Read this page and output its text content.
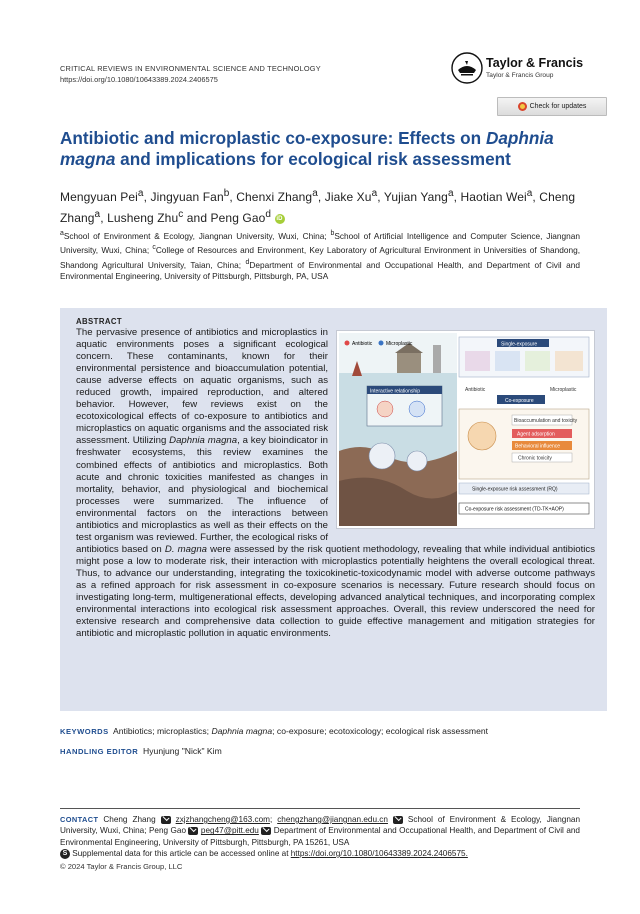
CRITICAL REVIEWS IN ENVIRONMENTAL SCIENCE AND TECHNOLOGY
https://doi.org/10.1080/10643389.2024.2406575
Taylor & Francis
Taylor & Francis Group
Check for updates
Antibiotic and microplastic co-exposure: Effects on Daphnia magna and implications for ecological risk assessment
Mengyuan Pei$^a$, Jingyuan Fan$^b$, Chenxi Zhang$^a$, Jiake Xu$^a$, Yujian Yang$^a$, Haotian Wei$^a$, Cheng Zhang$^a$, Lusheng Zhu$^c$ and Peng Gao$^d$ iD
$^a$School of Environment & Ecology, Jiangnan University, Wuxi, China; $^b$School of Artificial Intelligence and Computer Science, Jiangnan University, Wuxi, China; $^c$College of Resources and Environment, Key Laboratory of Agricultural Environment in Universities of Shandong, Shandong Agricultural University, Taian, China; $^d$Department of Environmental and Occupational Health, and Department of Civil and Environmental Engineering, University of Pittsburgh, Pittsburgh, PA, USA
ABSTRACT
Antibiotic	Microplastic
Interactive relationship
Single-exposure
Antibiotic	Microplastic
Co-exposure
Bioaccumulation and toxicity
Agent adsorption
Behavioral influence
Chronic toxicity
Single-exposure risk assessment (RQ)
Co-exposure risk assessment (TD-TK+AOP)

The pervasive presence of antibiotics and microplastics in aquatic environments poses a significant ecological concern. These contaminants, known for their environmental persistence and bioaccumulation potential, cause adverse effects on aquatic organisms, such as reduced growth, impaired reproduction, and altered behavior. However, few reviews exist on the ecotoxicological effects of co-exposure to antibiotics and microplastics on aquatic organisms and the associated risk assessment. Utilizing Daphnia magna, a key bioindicator in freshwater ecosystems, this review examines the combined effects of antibiotics and microplastics. Both acute and chronic toxicities manifested as changes in mortality, behavior, and physiological and biochemical processes were summarized. The influence of environmental factors on the interactions between antibiotics and microplastics as well as their effects on the test organism was reviewed. Further, the ecological risks of antibiotics based on D. magna were assessed by the risk quotient methodology, revealing that while individual antibiotics might pose a low to moderate risk, their interaction with microplastics potentially heightens the overall ecological threat. Thus, to advance our understanding, integrating the toxicokinetic-toxicodynamic model with adverse outcome pathways as a refined approach for risk assessment in co-exposure scenarios is necessary. Future research should focus on investigating long-term, multigenerational effects, developing advanced analytical techniques, and incorporating complex environmental interactions into ecological risk assessment approaches. Overall, this review underscored the need for extensive research and comprehensive data collection to guide effective management and mitigation strategies for antibiotic and microplastic pollution in aquatic environments.

KEYWORDS Antibiotics; microplastics; Daphnia magna; co-exposure; ecotoxicology; ecological risk assessment
HANDLING EDITOR Hyunjung "Nick" Kim
CONTACT Cheng Zhang zxjzhangcheng@163.com; chengzhang@jiangnan.edu.cn School of Environment & Ecology, Jiangnan University, Wuxi, China; Peng Gao peg47@pitt.edu Department of Environmental and Occupational Health, and Department of Civil and Environmental Engineering, University of Pittsburgh, Pittsburgh, PA 15261, USA
S Supplemental data for this article can be accessed online at https://doi.org/10.1080/10643389.2024.2406575.
© 2024 Taylor & Francis Group, LLC
